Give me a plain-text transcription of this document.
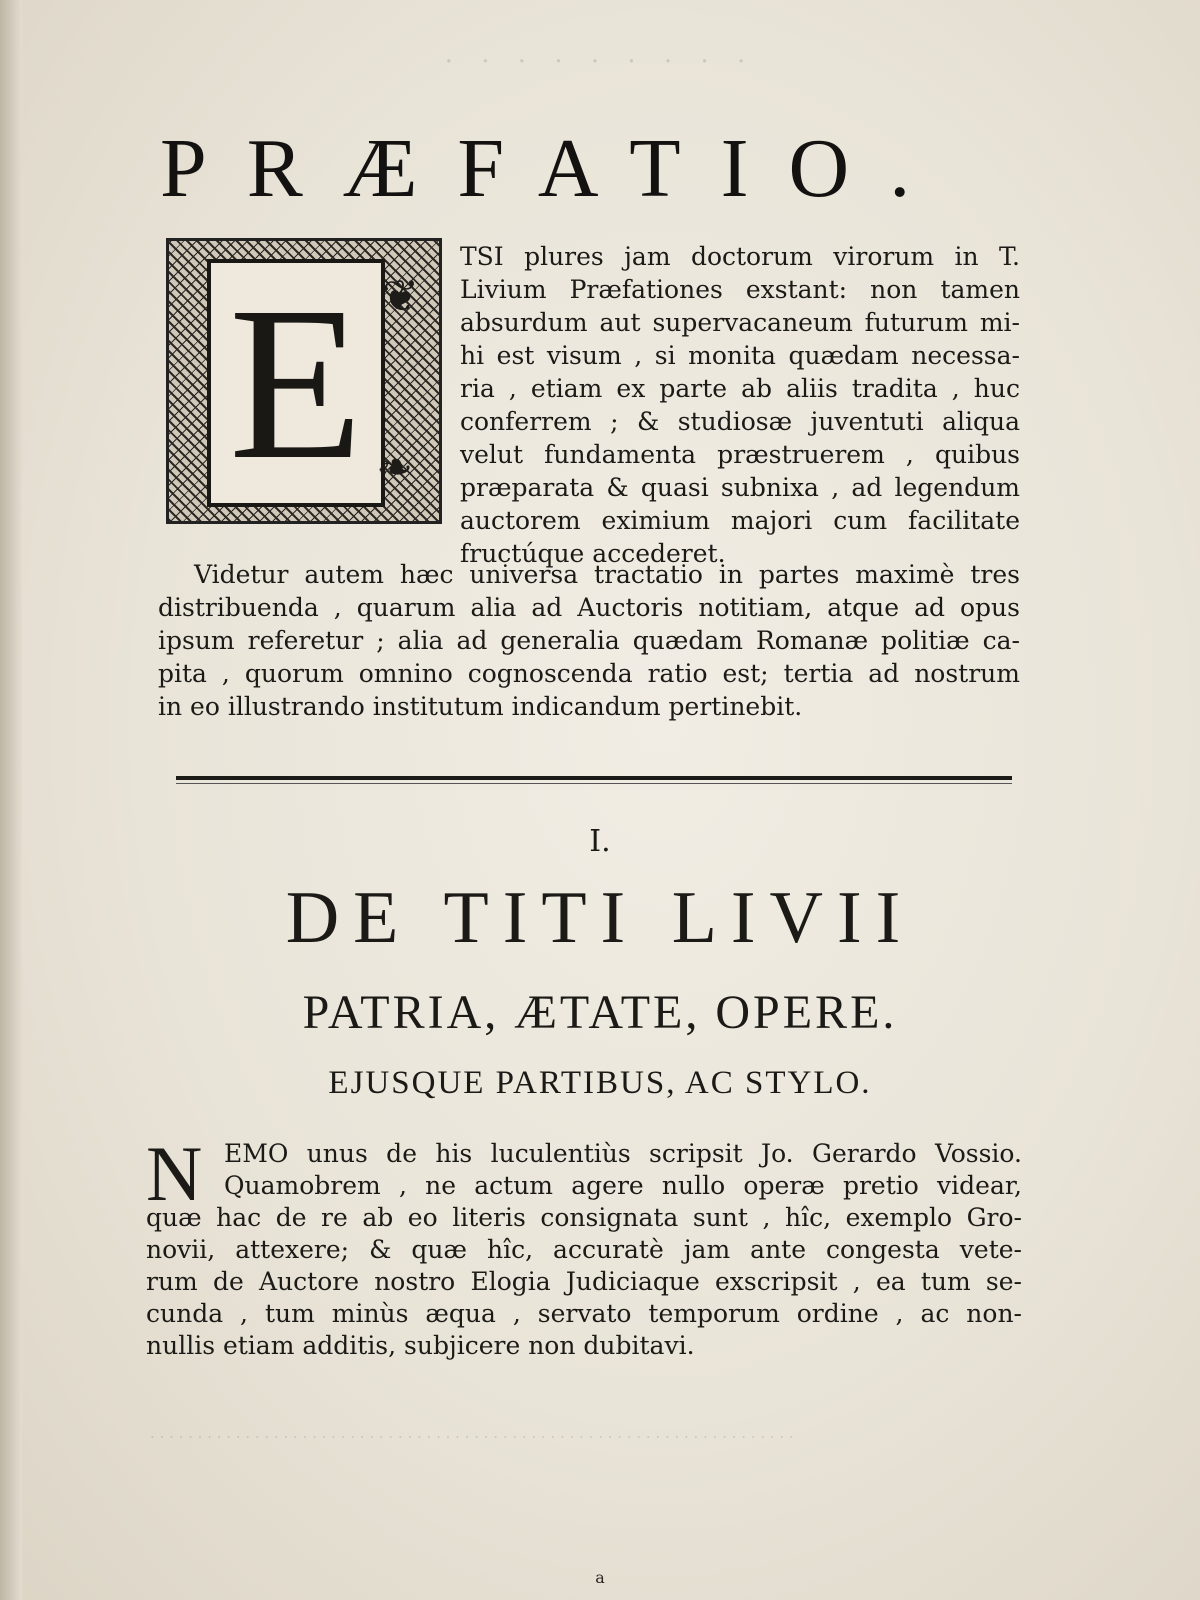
· · · · · · · · ·
· · · · · · · · · · · · · · · · · · · · · · · · · · · · · · · · · · · · · · · · · · · · · · · · · · · · · · · · · · · · · · · · · · · ·
PRÆFATIO.
E ❦
❧
TSI plures jam doctorum virorum in T.
Livium Præfationes exstant: non tamen
absurdum aut supervacaneum futurum mi-
hi est visum , si monita quædam necessa-
ria , etiam ex parte ab aliis tradita , huc
conferrem ; & studiosæ juventuti aliqua
velut fundamenta præstruerem , quibus
præparata & quasi subnixa , ad legendum
auctorem eximium majori cum facilitate
fructúque accederet.
Videtur autem hæc universa tractatio in partes maximè tres
distribuenda , quarum alia ad Auctoris notitiam, atque ad opus
ipsum referetur ; alia ad generalia quædam Romanæ politiæ ca-
pita , quorum omnino cognoscenda ratio est; tertia ad nostrum
in eo illustrando institutum indicandum pertinebit.
I.
DE TITI LIVII
PATRIA, ÆTATE, OPERE.
EJUSQUE PARTIBUS, AC STYLO.
N EMO unus de his luculentiùs scripsit Jo. Gerardo Vossio.
Quamobrem , ne actum agere nullo operæ pretio videar,
quæ hac de re ab eo literis consignata sunt , hîc, exemplo Gro-
novii, attexere; & quæ hîc, accuratè jam ante congesta vete-
rum de Auctore nostro Elogia Judiciaque exscripsit , ea tum se-
cunda , tum minùs æqua , servato temporum ordine , ac non-
nullis etiam additis, subjicere non dubitavi.
a
